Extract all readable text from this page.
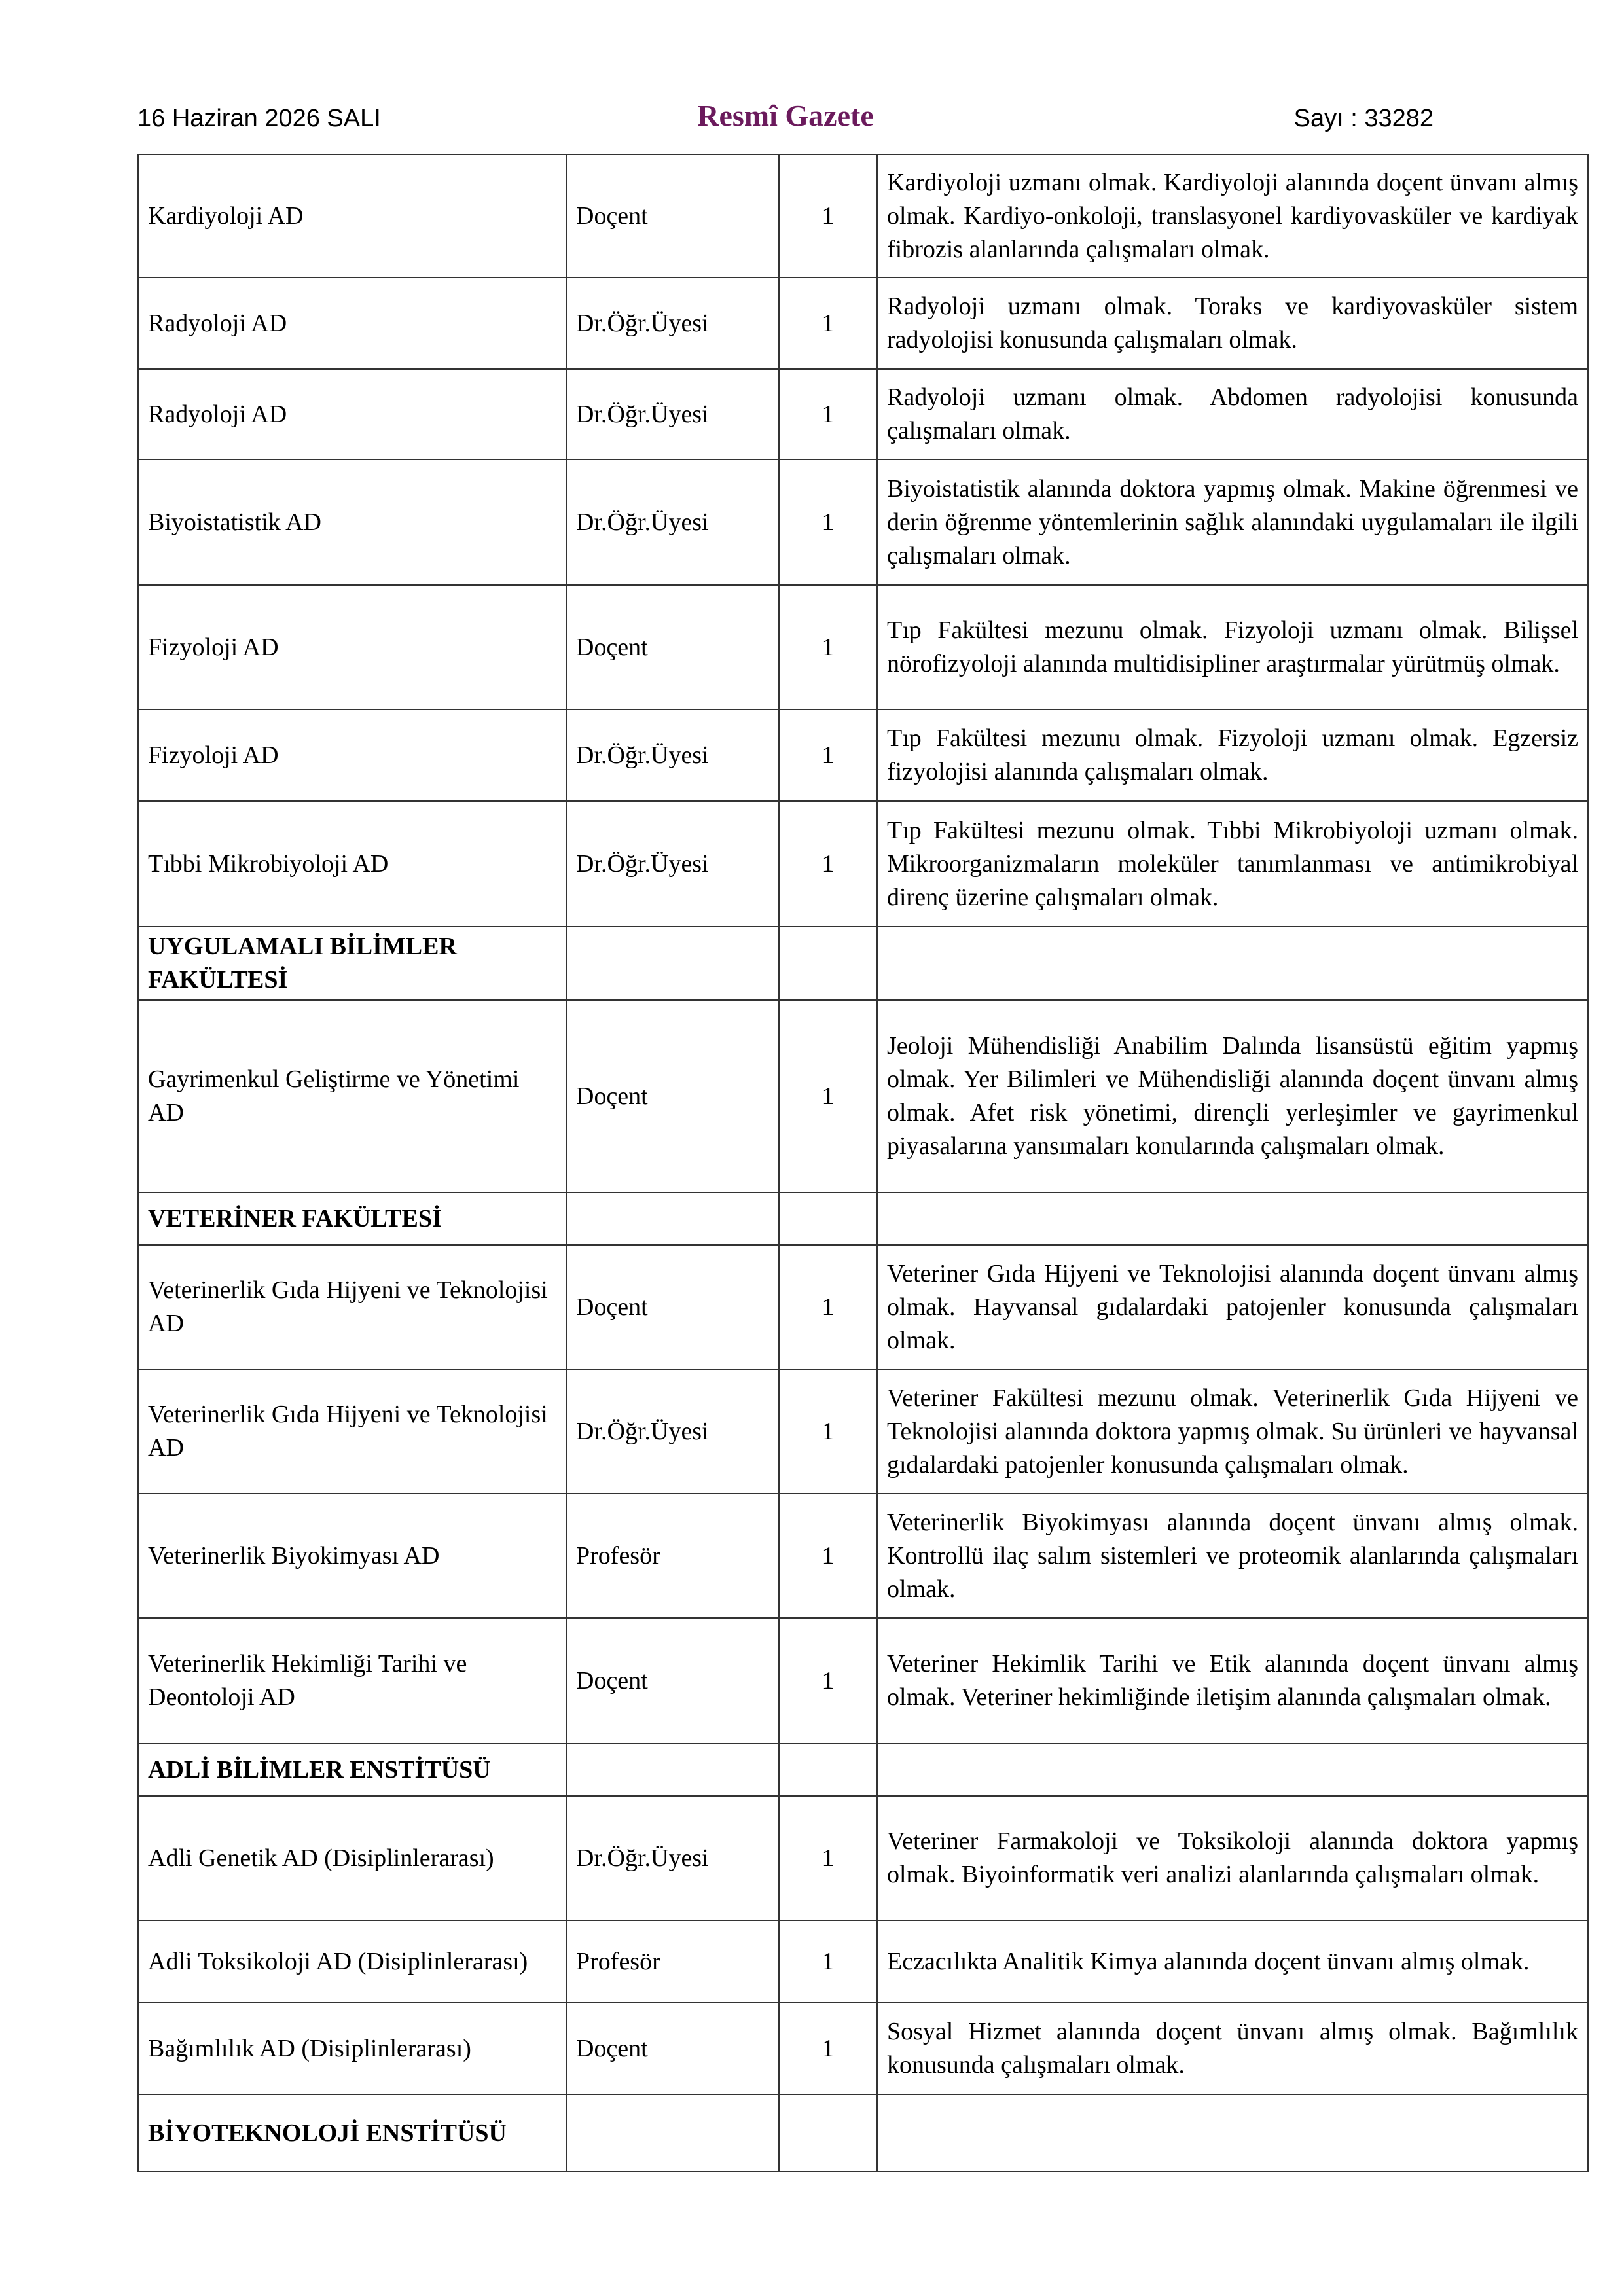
16 Haziran 2026 SALI	Resmî Gazete	Sayı : 33282
Kardiyoloji AD	Doçent	1	Kardiyoloji uzmanı olmak. Kardiyoloji alanında doçent ünvanı almış olmak. Kardiyo-onkoloji, translasyonel kardiyovasküler ve kardiyak fibrozis alanlarında çalışmaları olmak.
Radyoloji AD	Dr.Öğr.Üyesi	1	Radyoloji uzmanı olmak. Toraks ve kardiyovasküler sistem radyolojisi konusunda çalışmaları olmak.
Radyoloji AD	Dr.Öğr.Üyesi	1	Radyoloji uzmanı olmak. Abdomen radyolojisi konusunda çalışmaları olmak.
Biyoistatistik AD	Dr.Öğr.Üyesi	1	Biyoistatistik alanında doktora yapmış olmak. Makine öğrenmesi ve derin öğrenme yöntemlerinin sağlık alanındaki uygulamaları ile ilgili çalışmaları olmak.
Fizyoloji AD	Doçent	1	Tıp Fakültesi mezunu olmak. Fizyoloji uzmanı olmak. Bilişsel nörofizyoloji alanında multidisipliner araştırmalar yürütmüş olmak.
Fizyoloji AD	Dr.Öğr.Üyesi	1	Tıp Fakültesi mezunu olmak. Fizyoloji uzmanı olmak. Egzersiz fizyolojisi alanında çalışmaları olmak.
Tıbbi Mikrobiyoloji AD	Dr.Öğr.Üyesi	1	Tıp Fakültesi mezunu olmak. Tıbbi Mikrobiyoloji uzmanı olmak. Mikroorganizmaların moleküler tanımlanması ve antimikrobiyal direnç üzerine çalışmaları olmak.
UYGULAMALI BİLİMLER FAKÜLTESİ			
Gayrimenkul Geliştirme ve Yönetimi AD	Doçent	1	Jeoloji Mühendisliği Anabilim Dalında lisansüstü eğitim yapmış olmak. Yer Bilimleri ve Mühendisliği alanında doçent ünvanı almış olmak. Afet risk yönetimi, dirençli yerleşimler ve gayrimenkul piyasalarına yansımaları konularında çalışmaları olmak.
VETERİNER FAKÜLTESİ			
Veterinerlik Gıda Hijyeni ve Teknolojisi AD	Doçent	1	Veteriner Gıda Hijyeni ve Teknolojisi alanında doçent ünvanı almış olmak. Hayvansal gıdalardaki patojenler konusunda çalışmaları olmak.
Veterinerlik Gıda Hijyeni ve Teknolojisi AD	Dr.Öğr.Üyesi	1	Veteriner Fakültesi mezunu olmak. Veterinerlik Gıda Hijyeni ve Teknolojisi alanında doktora yapmış olmak. Su ürünleri ve hayvansal gıdalardaki patojenler konusunda çalışmaları olmak.
Veterinerlik Biyokimyası AD	Profesör	1	Veterinerlik Biyokimyası alanında doçent ünvanı almış olmak. Kontrollü ilaç salım sistemleri ve proteomik alanlarında çalışmaları olmak.
Veterinerlik Hekimliği Tarihi ve Deontoloji AD	Doçent	1	Veteriner Hekimlik Tarihi ve Etik alanında doçent ünvanı almış olmak. Veteriner hekimliğinde iletişim alanında çalışmaları olmak.
ADLİ BİLİMLER ENSTİTÜSÜ			
Adli Genetik AD (Disiplinlerarası)	Dr.Öğr.Üyesi	1	Veteriner Farmakoloji ve Toksikoloji alanında doktora yapmış olmak. Biyoinformatik veri analizi alanlarında çalışmaları olmak.
Adli Toksikoloji AD (Disiplinlerarası)	Profesör	1	Eczacılıkta Analitik Kimya alanında doçent ünvanı almış olmak.
Bağımlılık AD (Disiplinlerarası)	Doçent	1	Sosyal Hizmet alanında doçent ünvanı almış olmak. Bağımlılık konusunda çalışmaları olmak.
BİYOTEKNOLOJİ ENSTİTÜSÜ			
